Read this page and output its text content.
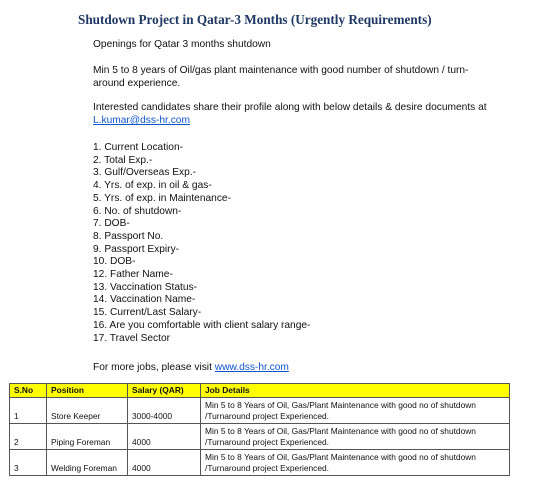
Shutdown Project in Qatar-3 Months (Urgently Requirements)
Openings for Qatar 3 months shutdown
Min 5 to 8 years of Oil/gas plant maintenance with good number of shutdown / turn-around experience.
Interested candidates share their profile along with below details & desire documents at L.kumar@dss-hr.com
1. Current Location-
2. Total Exp.-
3. Gulf/Overseas Exp.-
4. Yrs. of exp. in oil & gas-
5. Yrs. of exp. in Maintenance-
6. No. of shutdown-
7. DOB-
8. Passport No.
9. Passport Expiry-
10. DOB-
12. Father Name-
13. Vaccination Status-
14. Vaccination Name-
15. Current/Last Salary-
16. Are you comfortable with client salary range-
17. Travel Sector
For more jobs, please visit www.dss-hr.com
S.No	Position	Salary (QAR)	Job Details
1	Store Keeper	3000-4000	Min 5 to 8 Years of Oil, Gas/Plant Maintenance with good no of shutdown /Turnaround project Experienced.
2	Piping Foreman	4000	Min 5 to 8 Years of Oil, Gas/Plant Maintenance with good no of shutdown /Turnaround project Experienced.
3	Welding Foreman	4000	Min 5 to 8 Years of Oil, Gas/Plant Maintenance with good no of shutdown /Turnaround project Experienced.
